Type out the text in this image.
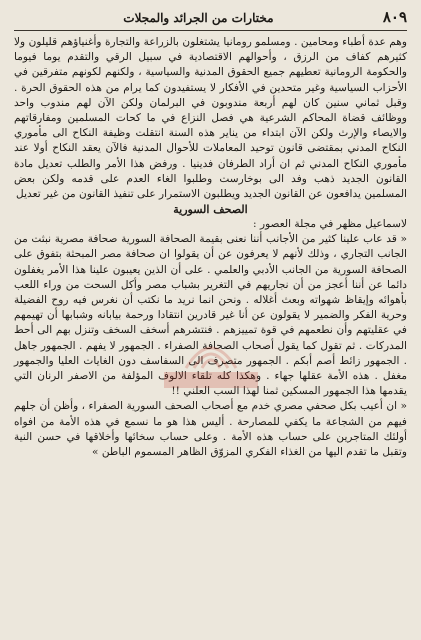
٨٠٩
مختارات من الجرائد والمجلات

وهم عدة أطباء ومحامين . ومسلمو رومانيا يشتغلون بالزراعة والتجارة وأغنياؤهم قليلون ولا كثيرهم كفاف من الرزق ، وأحوالهم الاقتصادية في سبيل الرقي والتقدم يوما فيوما والحكومة الرومانية تعطيهم جميع الحقوق المدنية والسياسية ، ولكنهم لكونهم متفرقين في الأحزاب السياسية وغير متحدين في الأفكار لا يستفيدون كما يرام من هذه الحقوق الحرة . وقبل ثماني سنين كان لهم أربعة مندوبون في البرلمان ولكن الآن لهم مندوب واحد ووظائف قضاة المحاكم الشرعية هي فصل النزاع في ما كحات المسلمين ومفارقاتهم والايصاء والإرث ولكن الآن ابتداء من يناير هذه السنة انتقلت وظيفة النكاح الى مأموري النكاح المدني بمقتضى قانون توحيد المعاملات للأحوال المدنية فالآن يعقد النكاح أولا عند مأموري النكاح المدني ثم ان أراد الطرفان فدينيا . ورفض هذا الأمر والطلب تعديل مادة القانون الجديد ذهب وفد الى بوخارست وطلبوا الغاء العدم على قدمه ولكن بعض المسلمين يدافعون عن القانون الجديد ويطلبون الاستمرار على تنفيذ القانون من غير تعديل

الصحف السورية
لاسماعيل مظهر في مجلة العصور :

« قد عاب علينا كثير من الأجانب أننا نعنى بقيمة الصحافة السورية صحافة مصرية نبثت من الجانب التجاري ، وذلك لأنهم لا يعرفون عن أن يقولوا ان صحافة مصر المبحثة بتفوق على الصحافة السورية من الجانب الأدبي والعلمي . على أن الذين يعيبون علينا هذا الأمر يغفلون دائما عن أننا أعجز من أن نجاريهم في التغرير بشباب مصر وأكل السحت من وراء اللعب بأهوائه وإيقاظ شهواته وبعث أغلاله . ونحن انما نريد ما نكتب أن نغرس فيه روح الفضيلة وحرية الفكر والضمير لا يقولون عن أنا غير قادرين انتقادا ورحمة بيابانه وشبابها أن تهيمهم في عقليتهم وأن نطعمهم في قوة تمييزهم . فنتشرهم أسخف السخف وتنزل بهم الى أحط المدركات . ثم تقول كما يقول أصحاب الصحافة الصفراء . الجمهور لا يفهم . الجمهور جاهل . الجمهور زائط أصم أبكم . الجمهور متصرف الى السفاسف دون الغايات العليا والجمهور مغفل . هذه الأمة عقلها جهاء . وهكذا كله تلقاء الالوف المؤلفة من الاصفر الرنان التي يقدمها هذا الجمهور المسكين ثمنا لهذا السب العلني !!

« ان أعيب بكل صحفي مصري خدم مع أصحاب الصحف السورية الصفراء ، وأظن أن جلهم فيهم من الشجاعة ما يكفي للمصارحة . أليس هذا هو ما نسمع في هذه الأمة من افواه أولئك المتاجرين على حساب هذه الأمة . وعلى حساب سخائها وأخلاقها في حسن النية وتقبل ما تقدم اليها من الغذاء الفكري المزوّق الظاهر المسموم الباطن »
